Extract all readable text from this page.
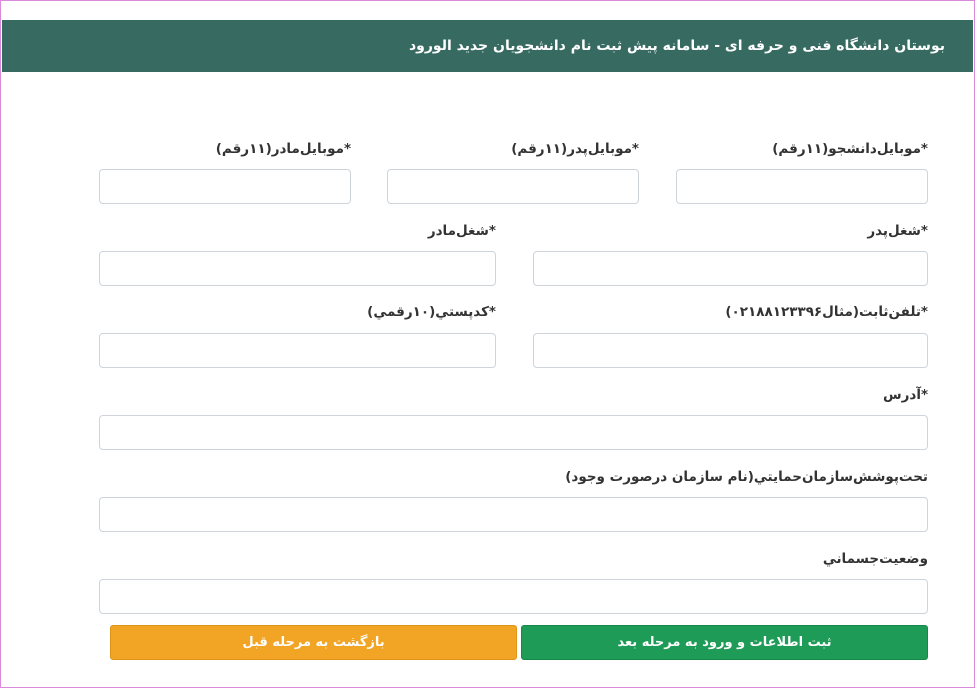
بوستان دانشگاه فنی و حرفه ای - سامانه پیش ثبت نام دانشجویان جدید الورود
*موبایل‌دانشجو(۱۱رقم)
*موبایل‌پدر(۱۱رقم)
*موبایل‌مادر(۱۱رقم)
*شغل‌پدر
*شغل‌مادر
*تلفن‌ثابت(مثال۰۲۱۸۸۱۲۳۳۹۶)
*کدپستي(۱۰رقمي)
*آدرس
تحت‌پوشش‌سازمان‌حمایتي(نام سازمان درصورت وجود)
وضعیت‌جسماني
ثبت اطلاعات و ورود به مرحله بعد
بازگشت به مرحله قبل
